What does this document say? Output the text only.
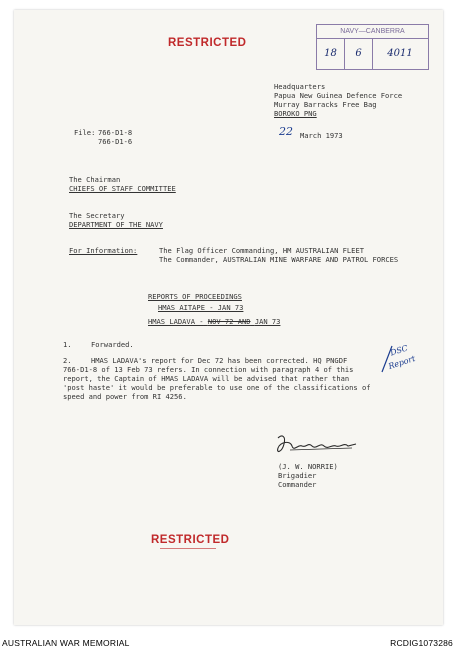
RESTRICTED
NAVY—CANBERRA
18	6	4011
Headquarters
Papua New Guinea Defence Force
Murray Barracks Free Bag
BOROKO PNG
File: 766-D1-8
766-D1-6
22 March 1973
The Chairman
CHIEFS OF STAFF COMMITTEE
The Secretary
DEPARTMENT OF THE NAVY
For Information:	The Flag Officer Commanding, HM AUSTRALIAN FLEET
The Commander, AUSTRALIAN MINE WARFARE AND PATROL FORCES
REPORTS OF PROCEEDINGS
HMAS AITAPE - JAN 73
HMAS LADAVA - NOV 72 AND JAN 73
1.	Forwarded.
2.	HMAS LADAVA's report for Dec 72 has been corrected. HQ PNGDF
766-D1-8 of 13 Feb 73 refers. In connection with paragraph 4 of this
report, the Captain of HMAS LADAVA will be advised that rather than
'post haste' it would be preferable to use one of the classifications of
speed and power from RI 4256.
DSC
Report
(J. W. NORRIE)
Brigadier
Commander
RESTRICTED
AUSTRALIAN WAR MEMORIAL	RCDIG1073286
